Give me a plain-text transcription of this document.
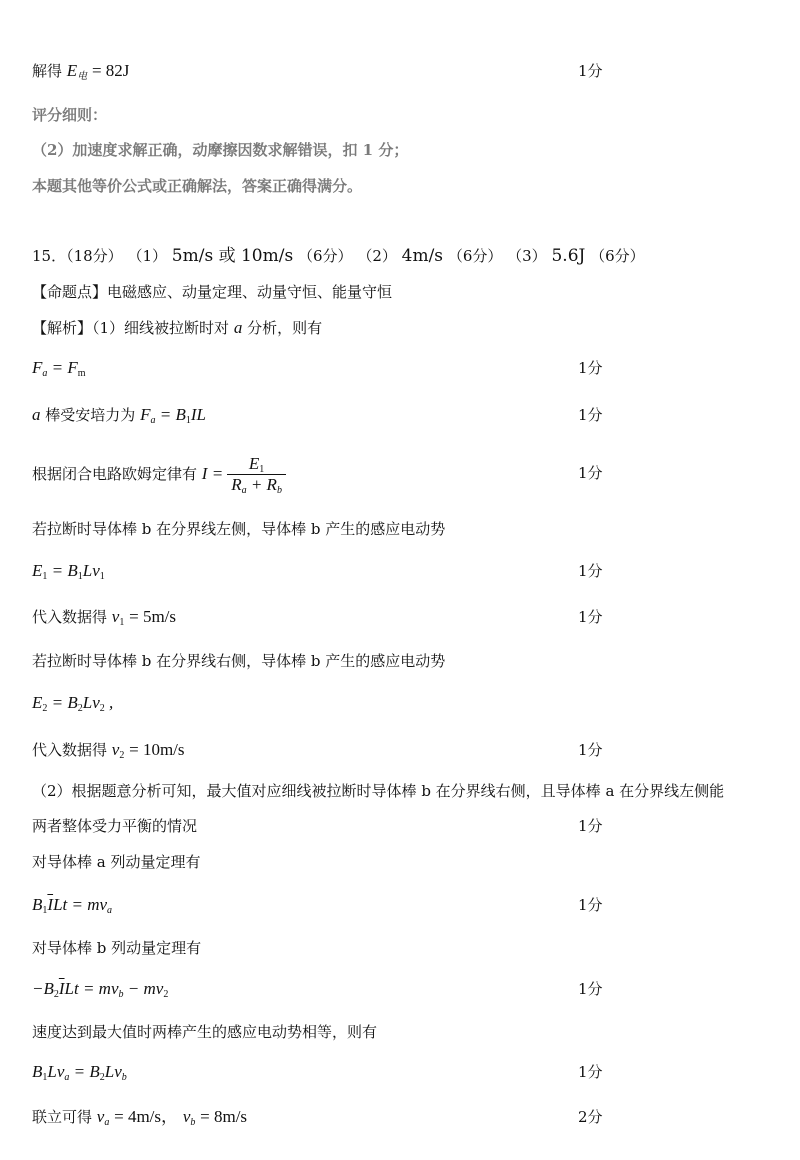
解得 $E_电 = 82J$	1分
评分细则：
（2）加速度求解正确，动摩擦因数求解错误，扣 1 分；
本题其他等价公式或正确解法，答案正确得满分。
15．（18分） （1） 5m/s 或 10m/s （6分） （2） 4m/s （6分） （3） 5.6J （6分）
【命题点】电磁感应、动量定理、动量守恒、能量守恒
【解析】（1）细线被拉断时对 a 分析，则有
$F_a = F_m$	1分
a 棒受安培力为 $F_a = B_1IL$	1分
根据闭合电路欧姆定律有 $I = \frac{E_1}{R_a + R_b}$	1分
若拉断时导体棒 b 在分界线左侧，导体棒 b 产生的感应电动势
$E_1 = B_1Lv_1$	1分
代入数据得 $v_1 = 5m/s$	1分
若拉断时导体棒 b 在分界线右侧，导体棒 b 产生的感应电动势
$E_2 = B_2Lv_2$ ,
代入数据得 $v_2 = 10m/s$	1分
（2）根据题意分析可知，最大值对应细线被拉断时导体棒 b 在分界线右侧，且导体棒 a 在分界线左侧能
两者整体受力平衡的情况	1分
对导体棒 a 列动量定理有
$B_1\overline{I}Lt = mv_a$	1分
对导体棒 b 列动量定理有
$-B_2\overline{I}Lt = mv_b - mv_2$	1分
速度达到最大值时两棒产生的感应电动势相等，则有
$B_1Lv_a = B_2Lv_b$	1分
联立可得 $v_a = 4m/s$， $v_b = 8m/s$	2分
